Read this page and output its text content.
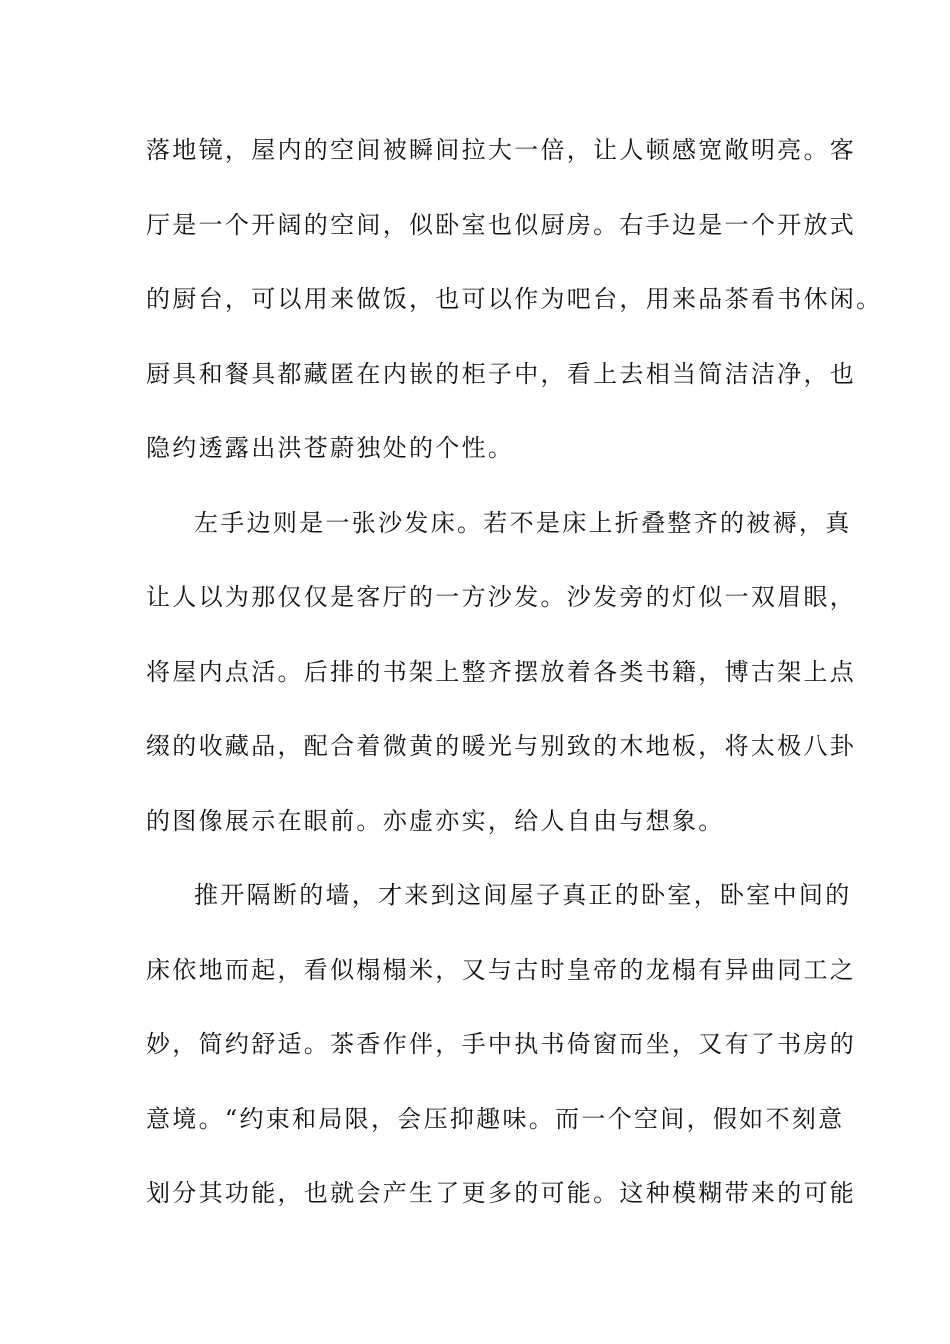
落地镜，屋内的空间被瞬间拉大一倍，让人顿感宽敞明亮。客
厅是一个开阔的空间，似卧室也似厨房。右手边是一个开放式
的厨台，可以用来做饭，也可以作为吧台，用来品茶看书休闲。
厨具和餐具都藏匿在内嵌的柜子中，看上去相当简洁洁净，也
隐约透露出洪苍蔚独处的个性。
左手边则是一张沙发床。若不是床上折叠整齐的被褥，真
让人以为那仅仅是客厅的一方沙发。沙发旁的灯似一双眉眼，
将屋内点活。后排的书架上整齐摆放着各类书籍，博古架上点
缀的收藏品，配合着微黄的暖光与别致的木地板，将太极八卦
的图像展示在眼前。亦虚亦实，给人自由与想象。
推开隔断的墙，才来到这间屋子真正的卧室，卧室中间的
床依地而起，看似榻榻米，又与古时皇帝的龙榻有异曲同工之
妙，简约舒适。茶香作伴，手中执书倚窗而坐，又有了书房的
意境。“约束和局限，会压抑趣味。而一个空间，假如不刻意
划分其功能，也就会产生了更多的可能。这种模糊带来的可能
